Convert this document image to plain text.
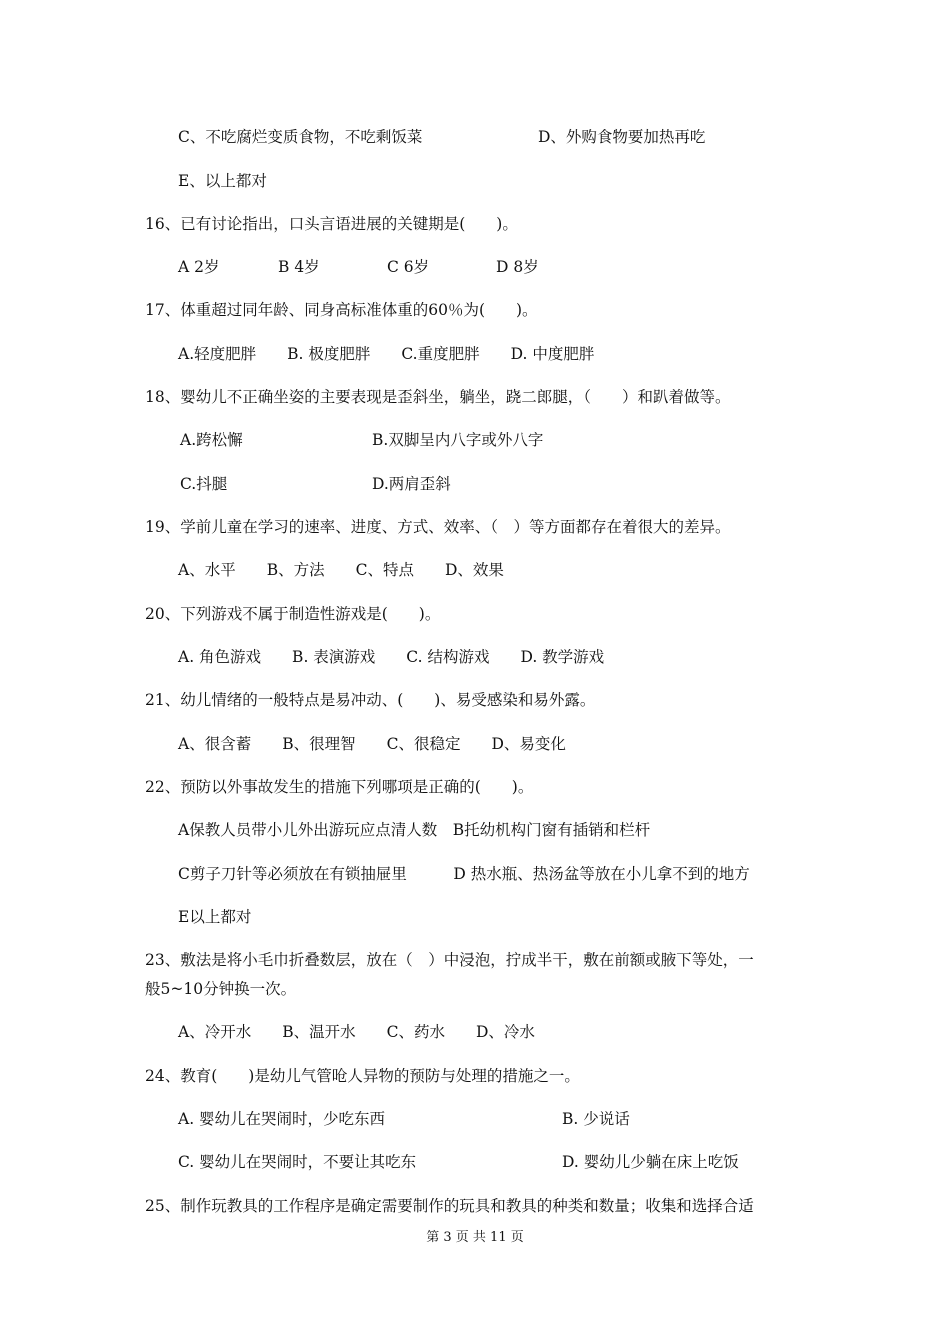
C、不吃腐烂变质食物，不吃剩饭菜	D、外购食物要加热再吃
E、以上都对
16、已有讨论指出，口头言语进展的关键期是(　　)。
A 2岁	B 4岁	C 6岁	D 8岁
17、体重超过同年龄、同身高标准体重的60％为(　　)。
A.轻度肥胖　　B. 极度肥胖　　C.重度肥胖　　D. 中度肥胖
18、婴幼儿不正确坐姿的主要表现是歪斜坐，躺坐，跷二郎腿，（　　）和趴着做等。
A.跨松懈	B.双脚呈内八字或外八字
C.抖腿	D.两肩歪斜
19、学前儿童在学习的速率、进度、方式、效率、（　）等方面都存在着很大的差异。
A、水平　　B、方法　　C、特点　　D、效果
20、下列游戏不属于制造性游戏是(　　)。
A. 角色游戏　　B. 表演游戏　　C. 结构游戏　　D. 教学游戏
21、幼儿情绪的一般特点是易冲动、(　　)、易受感染和易外露。
A、很含蓄　　B、很理智　　C、很稳定　　D、易变化
22、预防以外事故发生的措施下列哪项是正确的(　　)。
A保教人员带小儿外出游玩应点清人数　B托幼机构门窗有插销和栏杆
C剪子刀针等必须放在有锁抽屉里　　　D 热水瓶、热汤盆等放在小儿拿不到的地方
E以上都对
23、敷法是将小毛巾折叠数层，放在（　）中浸泡，拧成半干，敷在前额或腋下等处，一
般5~10分钟换一次。
A、冷开水　　B、温开水　　C、药水　　D、冷水
24、教育(　　)是幼儿气管呛人异物的预防与处理的措施之一。
A. 婴幼儿在哭闹时，少吃东西	B. 少说话
C. 婴幼儿在哭闹时，不要让其吃东	D. 婴幼儿少躺在床上吃饭
25、制作玩教具的工作程序是确定需要制作的玩具和教具的种类和数量；收集和选择合适
第 3 页 共 11 页
